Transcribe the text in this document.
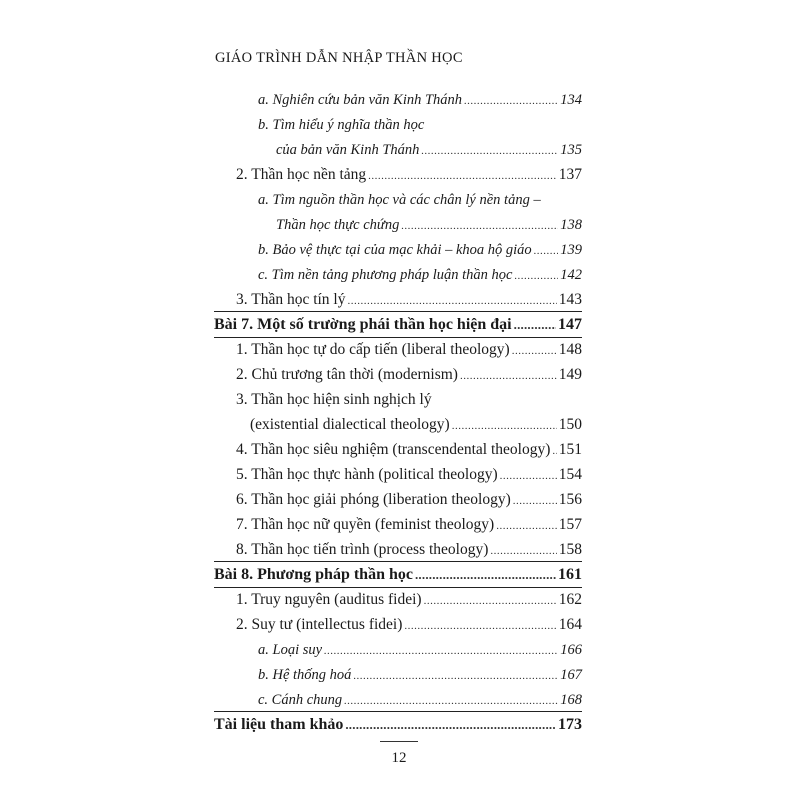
GIÁO TRÌNH DẪN NHẬP THẦN HỌC
a. Nghiên cứu bản văn Kinh Thánh .....	134
b. Tìm hiểu ý nghĩa thần học
của bản văn Kinh Thánh .....	135
2. Thần học nền tảng .....	137
a. Tìm nguồn thần học và các chân lý nền tảng –
Thần học thực chứng .....	138
b. Bảo vệ thực tại của mạc khải – khoa hộ giáo ..... 139
c. Tìm nền tảng phương pháp luận thần học .....	142
3. Thần học tín lý .....	143
Bài 7. Một số trường phái thần học hiện đại .....	147
1. Thần học tự do cấp tiến (liberal theology) .....	148
2. Chủ trương tân thời (modernism) .....	149
3. Thần học hiện sinh nghịch lý
(existential dialectical theology) .....	150
4. Thần học siêu nghiệm (transcendental theology) ..... 151
5. Thần học thực hành (political theology) .....	154
6. Thần học giải phóng (liberation theology) .....	156
7. Thần học nữ quyền (feminist theology) .....	157
8. Thần học tiến trình (process theology) .....	158
Bài 8. Phương pháp thần học .....	161
1. Truy nguyên (auditus fidei) .....	162
2. Suy tư (intellectus fidei) .....	164
a. Loại suy .....	166
b. Hệ thống hoá .....	167
c. Cánh chung .....	168
Tài liệu tham khảo .....	173
12
